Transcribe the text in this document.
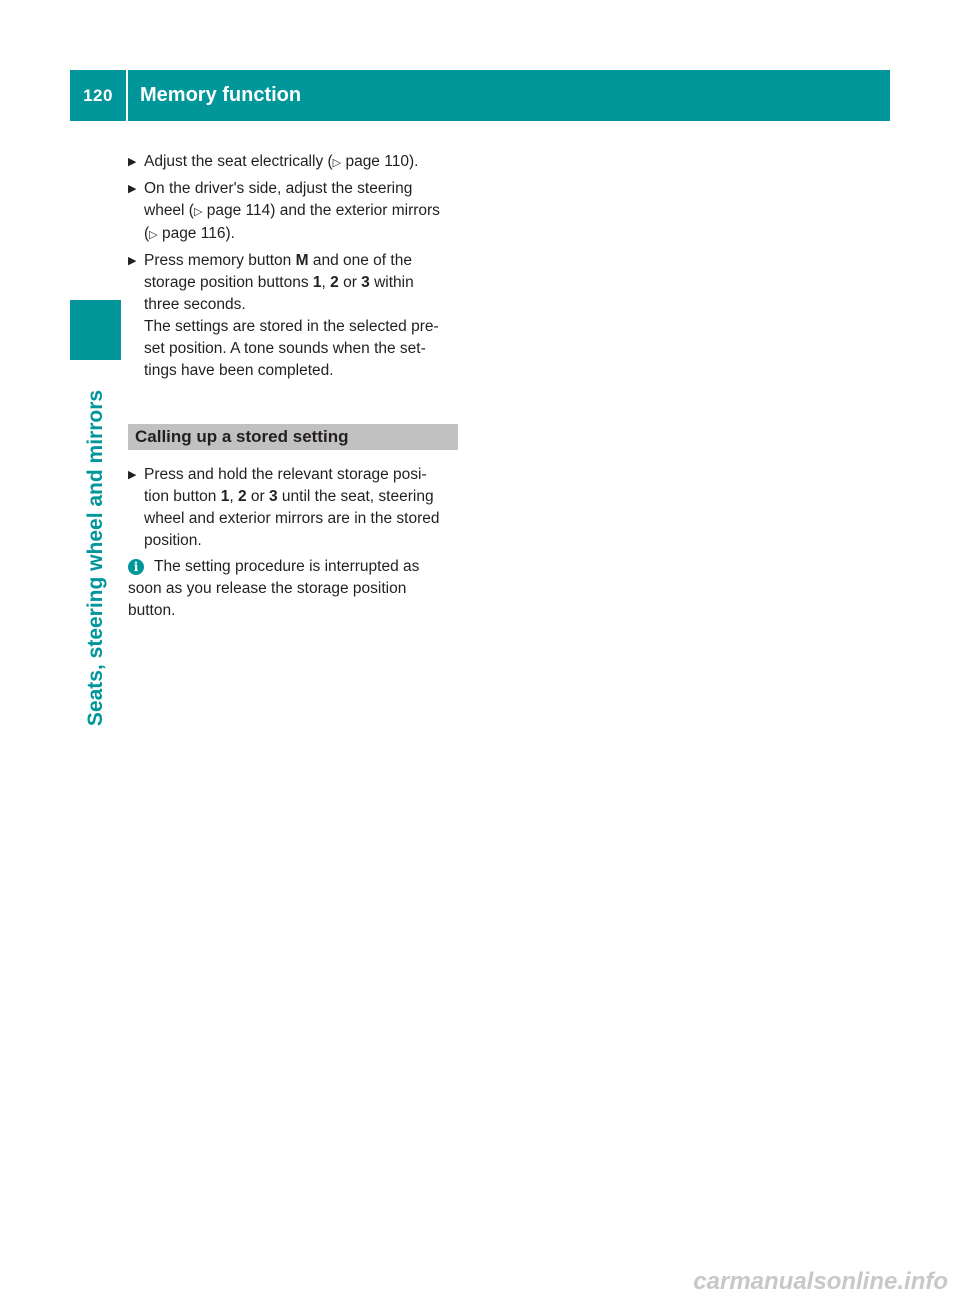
120	Memory function
Seats, steering wheel and mirrors
▶ Adjust the seat electrically (▷ page 110).
▶ On the driver's side, adjust the steering
wheel (▷ page 114) and the exterior mirrors
(▷ page 116).
▶ Press memory button M and one of the
storage position buttons 1, 2 or 3 within
three seconds.
The settings are stored in the selected pre-
set position. A tone sounds when the set-
tings have been completed.
Calling up a stored setting
▶ Press and hold the relevant storage posi-
tion button 1, 2 or 3 until the seat, steering
wheel and exterior mirrors are in the stored
position.
i	The setting procedure is interrupted as
soon as you release the storage position
button.
carmanualsonline.info
